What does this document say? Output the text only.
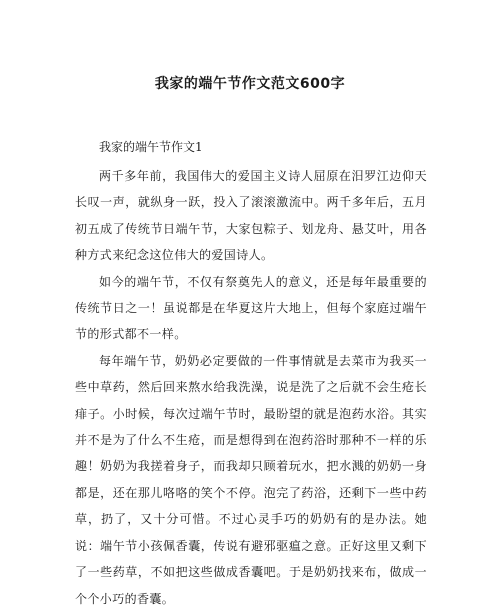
我家的端午节作文范文600字
我家的端午节作文1

两千多年前，我国伟大的爱国主义诗人屈原在汨罗江边仰天长叹一声，就纵身一跃，投入了滚滚激流中。两千多年后，五月初五成了传统节日端午节，大家包粽子、划龙舟、悬艾叶，用各种方式来纪念这位伟大的爱国诗人。

如今的端午节，不仅有祭奠先人的意义，还是每年最重要的传统节日之一！虽说都是在华夏这片大地上，但每个家庭过端午节的形式都不一样。

每年端午节，奶奶必定要做的一件事情就是去菜市为我买一些中草药，然后回来熬水给我洗澡，说是洗了之后就不会生疮长痱子。小时候，每次过端午节时，最盼望的就是泡药水浴。其实并不是为了什么不生疮，而是想得到在泡药浴时那种不一样的乐趣！奶奶为我搓着身子，而我却只顾着玩水，把水溅的奶奶一身都是，还在那儿咯咯的笑个不停。泡完了药浴，还剩下一些中药草，扔了，又十分可惜。不过心灵手巧的奶奶有的是办法。她说：端午节小孩佩香囊，传说有避邪驱瘟之意。正好这里又剩下了一些药草，不如把这些做成香囊吧。于是奶奶找来布，做成一个个小巧的香囊。
